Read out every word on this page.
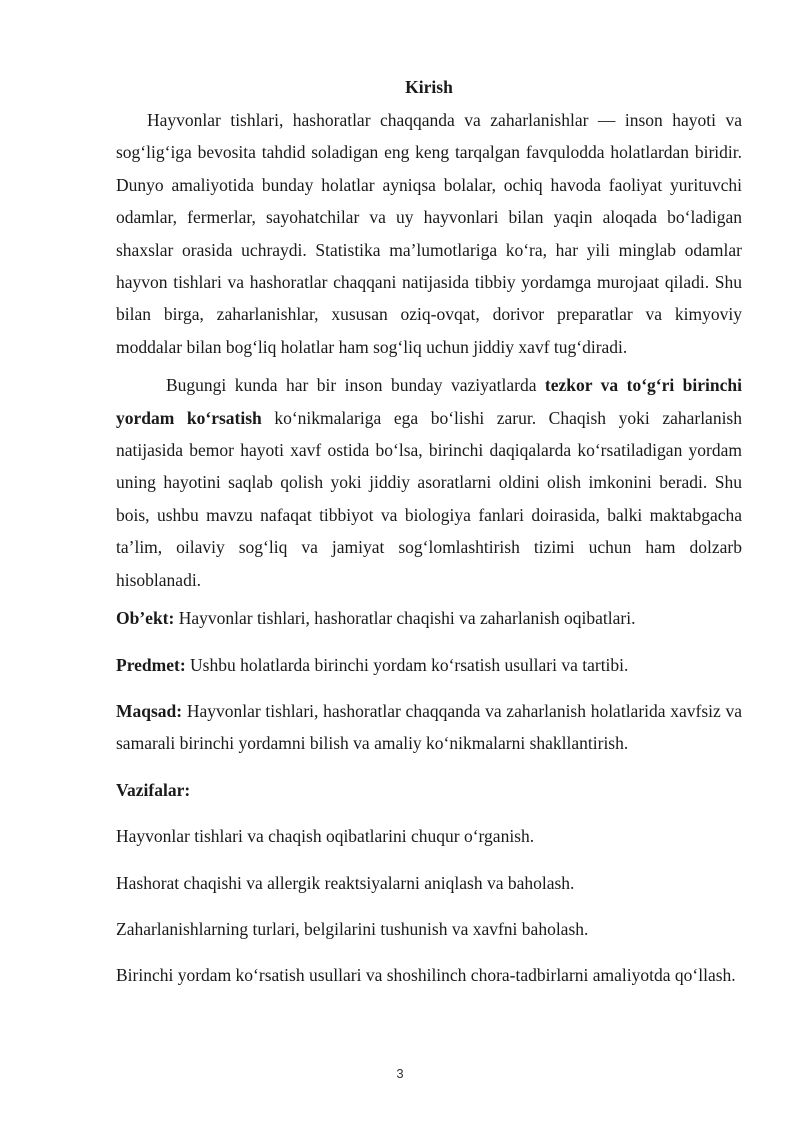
Kirish

Hayvonlar tishlari, hashoratlar chaqqanda va zaharlanishlar — inson hayoti va sog‘lig‘iga bevosita tahdid soladigan eng keng tarqalgan favqulodda holatlardan biridir. Dunyo amaliyotida bunday holatlar ayniqsa bolalar, ochiq havoda faoliyat yurituvchi odamlar, fermerlar, sayohatchilar va uy hayvonlari bilan yaqin aloqada bo‘ladigan shaxslar orasida uchraydi. Statistika ma’lumotlariga ko‘ra, har yili minglab odamlar hayvon tishlari va hashoratlar chaqqani natijasida tibbiy yordamga murojaat qiladi. Shu bilan birga, zaharlanishlar, xususan oziq-ovqat, dorivor preparatlar va kimyoviy moddalar bilan bog‘liq holatlar ham sog‘liq uchun jiddiy xavf tug‘diradi.

Bugungi kunda har bir inson bunday vaziyatlarda tezkor va to‘g‘ri birinchi yordam ko‘rsatish ko‘nikmalariga ega bo‘lishi zarur. Chaqish yoki zaharlanish natijasida bemor hayoti xavf ostida bo‘lsa, birinchi daqiqalarda ko‘rsatiladigan yordam uning hayotini saqlab qolish yoki jiddiy asoratlarni oldini olish imkonini beradi. Shu bois, ushbu mavzu nafaqat tibbiyot va biologiya fanlari doirasida, balki maktabgacha ta’lim, oilaviy sog‘liq va jamiyat sog‘lomlashtirish tizimi uchun ham dolzarb hisoblanadi.

Ob’ekt: Hayvonlar tishlari, hashoratlar chaqishi va zaharlanish oqibatlari.

Predmet: Ushbu holatlarda birinchi yordam ko‘rsatish usullari va tartibi.

Maqsad: Hayvonlar tishlari, hashoratlar chaqqanda va zaharlanish holatlarida xavfsiz va samarali birinchi yordamni bilish va amaliy ko‘nikmalarni shakllantirish.

Vazifalar:

Hayvonlar tishlari va chaqish oqibatlarini chuqur o‘rganish.

Hashorat chaqishi va allergik reaktsiyalarni aniqlash va baholash.

Zaharlanishlarning turlari, belgilarini tushunish va xavfni baholash.

Birinchi yordam ko‘rsatish usullari va shoshilinch chora-tadbirlarni amaliyotda qo‘llash.

3
